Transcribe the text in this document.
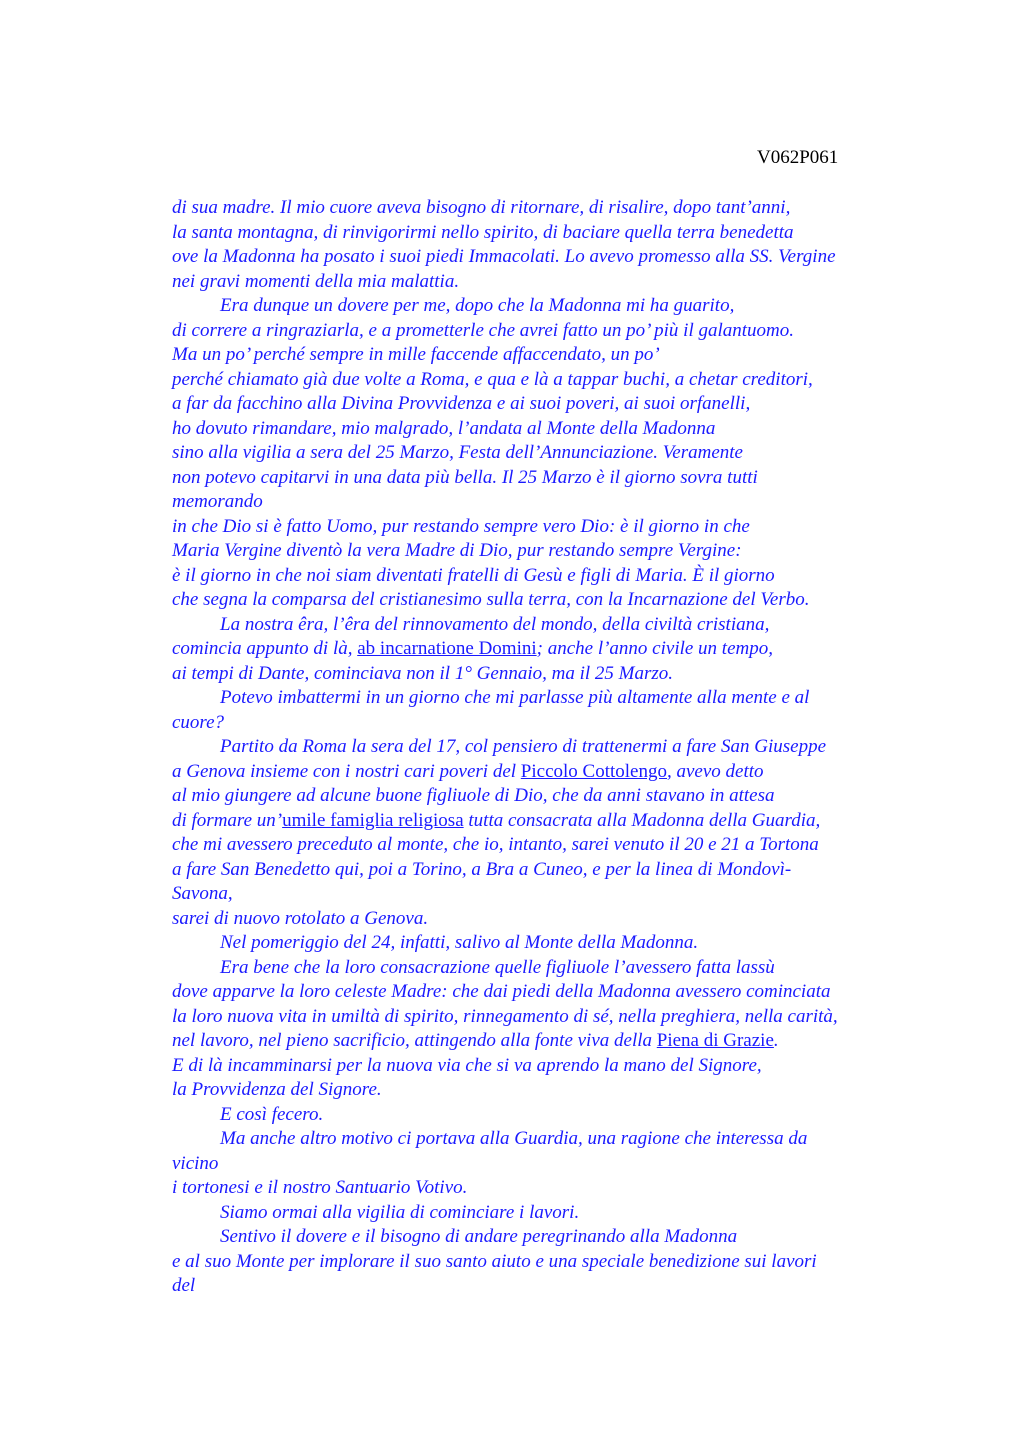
V062P061
di sua madre. Il mio cuore aveva bisogno di ritornare, di risalire, dopo tant’anni,
la santa montagna, di rinvigorirmi nello spirito, di baciare quella terra benedetta
ove la Madonna ha posato i suoi piedi Immacolati. Lo avevo promesso alla SS. Vergine
nei gravi momenti della mia malattia.
Era dunque un dovere per me, dopo che la Madonna mi ha guarito,
di correre a ringraziarla, e a prometterle che avrei fatto un po’ più il galantuomo.
Ma un po’ perché sempre in mille faccende affaccendato, un po’
perché chiamato già due volte a Roma, e qua e là a tappar buchi, a chetar creditori,
a far da facchino alla Divina Provvidenza e ai suoi poveri, ai suoi orfanelli,
ho dovuto rimandare, mio malgrado, l’andata al Monte della Madonna
sino alla vigilia a sera del 25 Marzo, Festa dell’Annunciazione. Veramente
non potevo capitarvi in una data più bella. Il 25 Marzo è il giorno sovra tutti
memorando
in che Dio si è fatto Uomo, pur restando sempre vero Dio: è il giorno in che
Maria Vergine diventò la vera Madre di Dio, pur restando sempre Vergine:
è il giorno in che noi siam diventati fratelli di Gesù e figli di Maria. È il giorno
che segna la comparsa del cristianesimo sulla terra, con la Incarnazione del Verbo.
La nostra êra, l’êra del rinnovamento del mondo, della civiltà cristiana,
comincia appunto di là, ab incarnatione Domini; anche l’anno civile un tempo,
ai tempi di Dante, cominciava non il 1° Gennaio, ma il 25 Marzo.
Potevo imbattermi in un giorno che mi parlasse più altamente alla mente e al
cuore?
Partito da Roma la sera del 17, col pensiero di trattenermi a fare San Giuseppe
a Genova insieme con i nostri cari poveri del Piccolo Cottolengo, avevo detto
al mio giungere ad alcune buone figliuole di Dio, che da anni stavano in attesa
di formare un’umile famiglia religiosa tutta consacrata alla Madonna della Guardia,
che mi avessero preceduto al monte, che io, intanto, sarei venuto il 20 e 21 a Tortona
a fare San Benedetto qui, poi a Torino, a Bra a Cuneo, e per la linea di Mondovì-
Savona,
sarei di nuovo rotolato a Genova.
Nel pomeriggio del 24, infatti, salivo al Monte della Madonna.
Era bene che la loro consacrazione quelle figliuole l’avessero fatta lassù
dove apparve la loro celeste Madre: che dai piedi della Madonna avessero cominciata
la loro nuova vita in umiltà di spirito, rinnegamento di sé, nella preghiera, nella carità,
nel lavoro, nel pieno sacrificio, attingendo alla fonte viva della Piena di Grazie.
E di là incamminarsi per la nuova via che si va aprendo la mano del Signore,
la Provvidenza del Signore.
E così fecero.
Ma anche altro motivo ci portava alla Guardia, una ragione che interessa da
vicino
i tortonesi e il nostro Santuario Votivo.
Siamo ormai alla vigilia di cominciare i lavori.
Sentivo il dovere e il bisogno di andare peregrinando alla Madonna
e al suo Monte per implorare il suo santo aiuto e una speciale benedizione sui lavori
del
